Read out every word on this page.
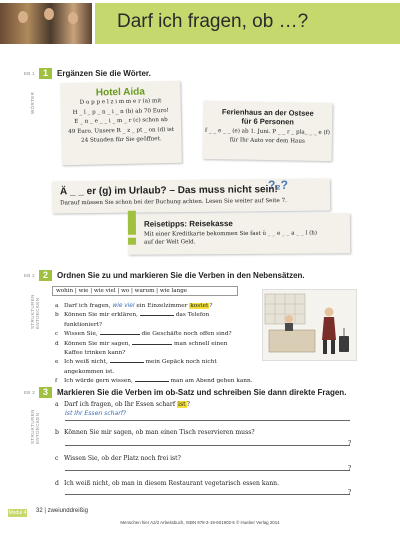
Darf ich fragen, ob …?
EB 1
WÖRTER
1	Ergänzen Sie die Wörter.
Hotel Aida
D o p p e l z i m m e r (a) mit
H _ l _ p _ n _ i _ n (b) ab 70 Euro!
E _ n _ e _ _ i _ m _ r (c) schon ab
49 Euro. Unsere R _ z _ pt _ on (d) ist
24 Stunden für Sie geöffnet.
Ferienhaus an der Ostsee
für 6 Personen
f _ _ e _ _ (e) ab 1. Juni. P _ _ r _ pla_ _ _ e (f)
für Ihr Auto vor dem Haus
Ä _ _ er (g) im Urlaub? – Das muss nicht sein!
Darauf müssen Sie schon bei der Buchung achten. Lesen Sie weiter auf Seite 7.
?₂?
Reisetipps: Reisekasse
Mit einer Kreditkarte bekommen Sie fast ü _ _ e _ _ a _ _ l (h)
auf der Welt Geld.
EB 2
STRUKTUREN ENTDECKEN
2	Ordnen Sie zu und markieren Sie die Verben in den Nebensätzen.
wohin | wie | wie viel | wo | warum | wie lange
a Darf ich fragen, wie viel ein Einzelzimmer kostet?
b Können Sie mir erklären,	das Telefon
funktioniert?
c Wissen Sie,	die Geschäfte noch offen sind?
d Können Sie mir sagen,	man schnell einen
Kaffee trinken kann?
e Ich weiß nicht,	mein Gepäck noch nicht angekommen ist.
f	Ich würde gern wissen,	man am Abend gehen kann.
EB 3
STRUKTUREN ENTDECKEN
3	Markieren Sie die Verben im ob-Satz und schreiben Sie dann direkte Fragen.
a Darf ich fragen, ob Ihr Essen scharf ist?
Ist Ihr Essen scharf?
b Können Sie mir sagen, ob man einen Tisch reservieren muss?
c Wissen Sie, ob der Platz noch frei ist?
d Ich weiß nicht, ob man in diesem Restaurant vegetarisch essen kann.
?
?
?
Modul 4 32 | zweiunddreißig
Menschen hier A2/2 Arbeitsbuch, ISBN 978-3-19-601902-5 © Hueber Verlag 2014
